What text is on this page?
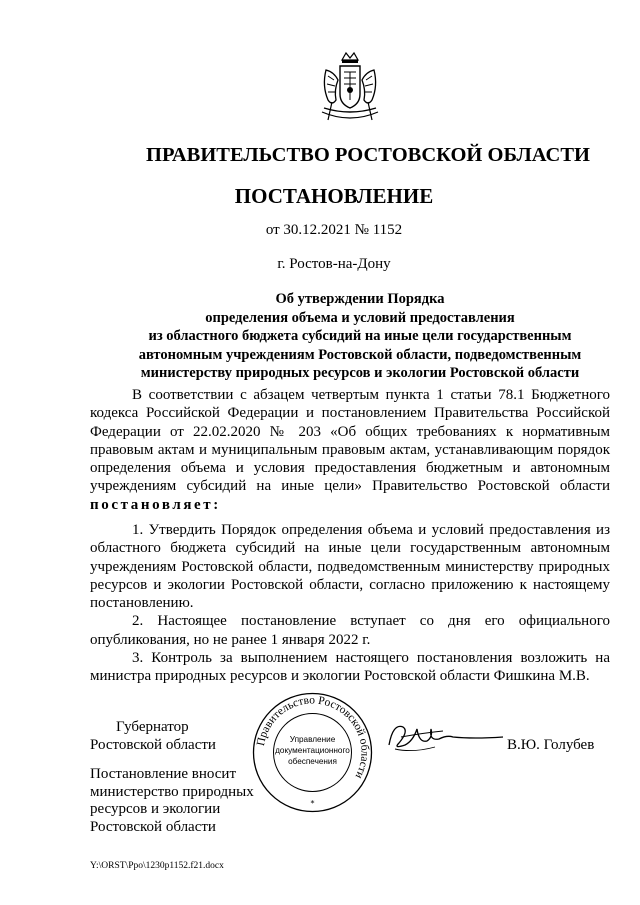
ПРАВИТЕЛЬСТВО РОСТОВСКОЙ ОБЛАСТИ
ПОСТАНОВЛЕНИЕ
от 30.12.2021 № 1152
г. Ростов-на-Дону
Об утверждении Порядка
определения объема и условий предоставления
из областного бюджета субсидий на иные цели государственным
автономным учреждениям Ростовской области, подведомственным
министерству природных ресурсов и экологии Ростовской области
В соответствии с абзацем четвертым пункта 1 статьи 78.1 Бюджетного кодекса Российской Федерации и постановлением Правительства Российской Федерации от 22.02.2020 № 203 «Об общих требованиях к нормативным правовым актам и муниципальным правовым актам, устанавливающим порядок определения объема и условия предоставления бюджетным и автономным учреждениям субсидий на иные цели» Правительство Ростовской области постановляет:
1. Утвердить Порядок определения объема и условий предоставления из областного бюджета субсидий на иные цели государственным автономным учреждениям Ростовской области, подведомственным министерству природных ресурсов и экологии Ростовской области, согласно приложению к настоящему постановлению.
2. Настоящее постановление вступает со дня его официального опубликования, но не ранее 1 января 2022 г.
3. Контроль за выполнением настоящего постановления возложить на министра природных ресурсов и экологии Ростовской области Фишкина М.В.
Губернатор
Ростовской области	Правительство Ростовской области
Управление
документационного
обеспечения
*
В.Ю. Голубев
Постановление вносит министерство природных ресурсов и экологии Ростовской области
Y:\ORST\Ppo\1230p1152.f21.docx
